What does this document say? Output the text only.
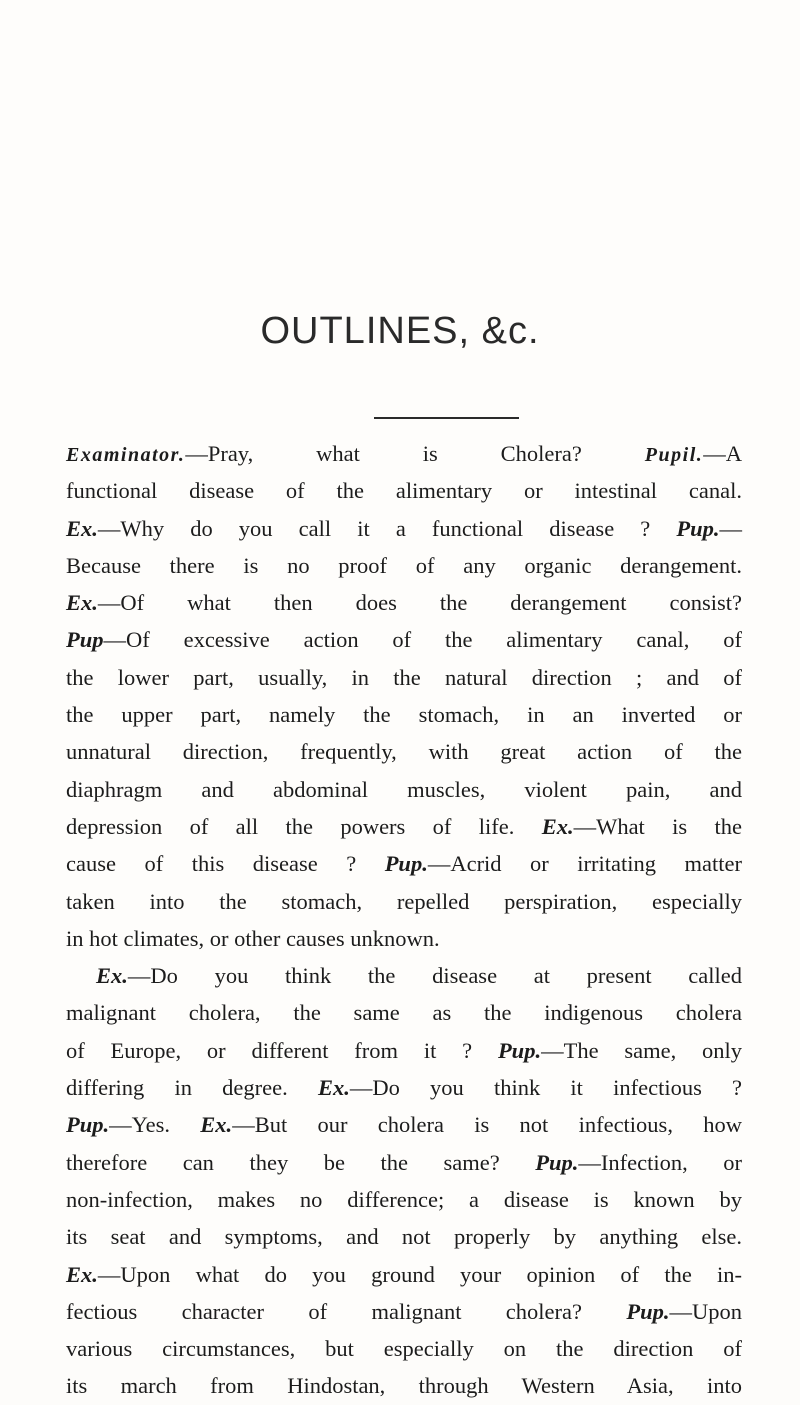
OUTLINES, &c.
Examinator.—Pray, what is Cholera? Pupil.—A
functional disease of the alimentary or intestinal canal.
Ex.—Why do you call it a functional disease ? Pup.—
Because there is no proof of any organic derangement.
Ex.—Of what then does the derangement consist?
Pup—Of excessive action of the alimentary canal, of
the lower part, usually, in the natural direction ; and of
the upper part, namely the stomach, in an inverted or
unnatural direction, frequently, with great action of the
diaphragm and abdominal muscles, violent pain, and
depression of all the powers of life. Ex.—What is the
cause of this disease ? Pup.—Acrid or irritating matter
taken into the stomach, repelled perspiration, especially
in hot climates, or other causes unknown.
Ex.—Do you think the disease at present called
malignant cholera, the same as the indigenous cholera
of Europe, or different from it ? Pup.—The same, only
differing in degree. Ex.—Do you think it infectious ?
Pup.—Yes. Ex.—But our cholera is not infectious, how
therefore can they be the same? Pup.—Infection, or
non-infection, makes no difference; a disease is known by
its seat and symptoms, and not properly by anything else.
Ex.—Upon what do you ground your opinion of the in-
fectious character of malignant cholera? Pup.—Upon
various circumstances, but especially on the direction of
its march from Hindostan, through Western Asia, into
